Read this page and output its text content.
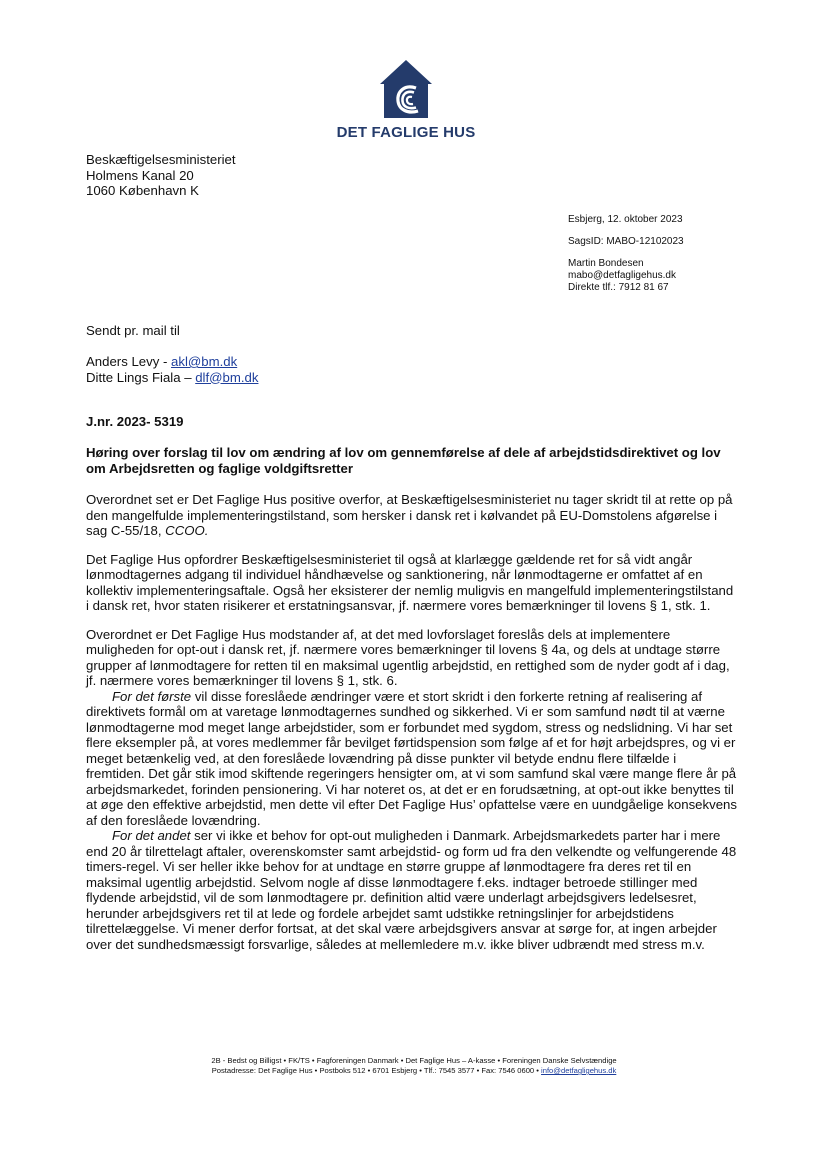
DET FAGLIGE HUS
Beskæftigelsesministeriet
Holmens Kanal 20
1060 København K
Esbjerg, 12. oktober 2023
SagsID: MABO-12102023
Martin Bondesen
mabo@detfagligehus.dk
Direkte tlf.: 7912 81 67
Sendt pr. mail til
Anders Levy - akl@bm.dk
Ditte Lings Fiala – dlf@bm.dk
J.nr. 2023- 5319
Høring over forslag til lov om ændring af lov om gennemførelse af dele af arbejdstidsdirektivet og lov om Arbejdsretten og faglige voldgiftsretter

Overordnet set er Det Faglige Hus positive overfor, at Beskæftigelsesministeriet nu tager skridt til at rette op på den mangelfulde implementeringstilstand, som hersker i dansk ret i kølvandet på EU-Domstolens afgørelse i sag C-55/18, CCOO.

Det Faglige Hus opfordrer Beskæftigelsesministeriet til også at klarlægge gældende ret for så vidt angår lønmodtagernes adgang til individuel håndhævelse og sanktionering, når lønmodtagerne er omfattet af en kollektiv implementeringsaftale. Også her eksisterer der nemlig muligvis en mangelfuld implementeringstilstand i dansk ret, hvor staten risikerer et erstatningsansvar, jf. nærmere vores bemærkninger til lovens § 1, stk. 1.

Overordnet er Det Faglige Hus modstander af, at det med lovforslaget foreslås dels at implementere muligheden for opt-out i dansk ret, jf. nærmere vores bemærkninger til lovens § 4a, og dels at undtage større grupper af lønmodtagere for retten til en maksimal ugentlig arbejdstid, en rettighed som de nyder godt af i dag, jf. nærmere vores bemærkninger til lovens § 1, stk. 6.

For det første vil disse foreslåede ændringer være et stort skridt i den forkerte retning af realisering af direktivets formål om at varetage lønmodtagernes sundhed og sikkerhed. Vi er som samfund nødt til at værne lønmodtagerne mod meget lange arbejdstider, som er forbundet med sygdom, stress og nedslidning. Vi har set flere eksempler på, at vores medlemmer får bevilget førtidspension som følge af et for højt arbejdspres, og vi er meget betænkelig ved, at den foreslåede lovændring på disse punkter vil betyde endnu flere tilfælde i fremtiden. Det går stik imod skiftende regeringers hensigter om, at vi som samfund skal være mange flere år på arbejdsmarkedet, forinden pensionering. Vi har noteret os, at det er en forudsætning, at opt-out ikke benyttes til at øge den effektive arbejdstid, men dette vil efter Det Faglige Hus’ opfattelse være en uundgåelige konsekvens af den foreslåede lovændring.

For det andet ser vi ikke et behov for opt-out muligheden i Danmark. Arbejdsmarkedets parter har i mere end 20 år tilrettelagt aftaler, overenskomster samt arbejdstid- og form ud fra den velkendte og velfungerende 48 timers-regel. Vi ser heller ikke behov for at undtage en større gruppe af lønmodtagere fra deres ret til en maksimal ugentlig arbejdstid. Selvom nogle af disse lønmodtagere f.eks. indtager betroede stillinger med flydende arbejdstid, vil de som lønmodtagere pr. definition altid være underlagt arbejdsgivers ledelsesret, herunder arbejdsgivers ret til at lede og fordele arbejdet samt udstikke retningslinjer for arbejdstidens tilrettelæggelse. Vi mener derfor fortsat, at det skal være arbejdsgivers ansvar at sørge for, at ingen arbejder over det sundhedsmæssigt forsvarlige, således at mellemledere m.v. ikke bliver udbrændt med stress m.v.

2B - Bedst og Billigst • FK/TS • Fagforeningen Danmark • Det Faglige Hus – A-kasse • Foreningen Danske Selvstændige
Postadresse: Det Faglige Hus • Postboks 512 • 6701 Esbjerg • Tlf.: 7545 3577 • Fax: 7546 0600 • info@detfagligehus.dk
